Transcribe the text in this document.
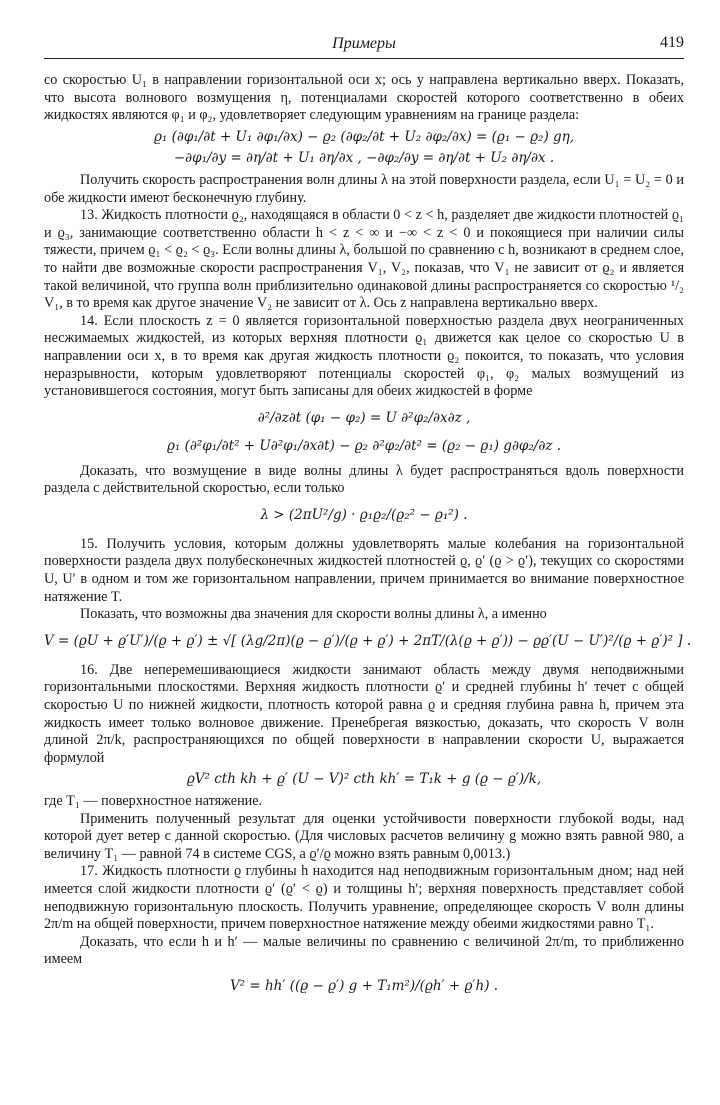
Примеры	419

со скоростью U₁ в направлении горизонтальной оси x; ось y направлена вертикально вверх. Показать, что высота волнового возмущения η, потенциалами скоростей которого соответственно в обеих жидкостях являются φ₁ и φ₂, удовлетворяет следующим уравнениям на границе раздела:

ϱ₁ (∂φ₁/∂t + U₁ ∂φ₁/∂x) − ϱ₂ (∂φ₂/∂t + U₂ ∂φ₂/∂x) = (ϱ₁ − ϱ₂) gη,
−∂φ₁/∂y = ∂η/∂t + U₁ ∂η/∂x , −∂φ₂/∂y = ∂η/∂t + U₂ ∂η/∂x .

Получить скорость распространения волн длины λ на этой поверхности раздела, если U₁ = U₂ = 0 и обе жидкости имеют бесконечную глубину.

13. Жидкость плотности ϱ₂, находящаяся в области 0 < z < h, разделяет две жидкости плотностей ϱ₁ и ϱ₃, занимающие соответственно области h < z < ∞ и −∞ < z < 0 и покоящиеся при наличии силы тяжести, причем ϱ₁ < ϱ₂ < ϱ₃. Если волны длины λ, большой по сравнению с h, возникают в среднем слое, то найти две возможные скорости распространения V₁, V₂, показав, что V₁ не зависит от ϱ₂ и является такой величиной, что группа волн приблизительно одинаковой длины распространяется со скоростью ¹/₂ V₁, в то время как другое значение V₂ не зависит от λ. Ось z направлена вертикально вверх.

14. Если плоскость z = 0 является горизонтальной поверхностью раздела двух неограниченных несжимаемых жидкостей, из которых верхняя плотности ϱ₁ движется как целое со скоростью U в направлении оси x, в то время как другая жидкость плотности ϱ₂ покоится, то показать, что условия неразрывности, которым удовлетворяют потенциалы скоростей φ₁, φ₂ малых возмущений из установившегося состояния, могут быть записаны для обеих жидкостей в форме

∂²/∂z∂t (φ₁ − φ₂) = U ∂²φ₂/∂x∂z ,
ϱ₁ (∂²φ₁/∂t² + U∂²φ₁/∂x∂t) − ϱ₂ ∂²φ₂/∂t² = (ϱ₂ − ϱ₁) g∂φ₂/∂z .

Доказать, что возмущение в виде волны длины λ будет распространяться вдоль поверхности раздела с действительной скоростью, если только

λ > (2πU²/g) · ϱ₁ϱ₂/(ϱ₂² − ϱ₁²) .

15. Получить условия, которым должны удовлетворять малые колебания на горизонтальной поверхности раздела двух полубесконечных жидкостей плотностей ϱ, ϱ′ (ϱ > ϱ′), текущих со скоростями U, U′ в одном и том же горизонтальном направлении, причем принимается во внимание поверхностное натяжение T.

Показать, что возможны два значения для скорости волны длины λ, а именно

V = (ϱU + ϱ′U′)/(ϱ + ϱ′) ± √[ (λg/2π)(ϱ − ϱ′)/(ϱ + ϱ′) + 2πT/(λ(ϱ + ϱ′)) − ϱϱ′(U − U′)²/(ϱ + ϱ′)² ] .

16. Две неперемешивающиеся жидкости занимают область между двумя неподвижными горизонтальными плоскостями. Верхняя жидкость плотности ϱ′ и средней глубины h′ течет с общей скоростью U по нижней жидкости, плотность которой равна ϱ и средняя глубина равна h, причем эта жидкость имеет только волновое движение. Пренебрегая вязкостью, доказать, что скорость V волн длиной 2π/k, распространяющихся по общей поверхности в направлении скорости U, выражается формулой

ϱV² cth kh + ϱ′ (U − V)² cth kh′ = T₁k + g (ϱ − ϱ′)/k,

где T₁ — поверхностное натяжение.

Применить полученный результат для оценки устойчивости поверхности глубокой воды, над которой дует ветер с данной скоростью. (Для числовых расчетов величину g можно взять равной 980, а величину T₁ — равной 74 в системе CGS, а ϱ′/ϱ можно взять равным 0,0013.)

17. Жидкость плотности ϱ глубины h находится над неподвижным горизонтальным дном; над ней имеется слой жидкости плотности ϱ′ (ϱ′ < ϱ) и толщины h′; верхняя поверхность представляет собой неподвижную горизонтальную плоскость. Получить уравнение, определяющее скорость V волн длины 2π/m на общей поверхности, причем поверхностное натяжение между обеими жидкостями равно T₁.

Доказать, что если h и h′ — малые величины по сравнению с величиной 2π/m, то приближенно имеем

V² = hh′ ((ϱ − ϱ′) g + T₁m²)/(ϱh′ + ϱ′h) .
